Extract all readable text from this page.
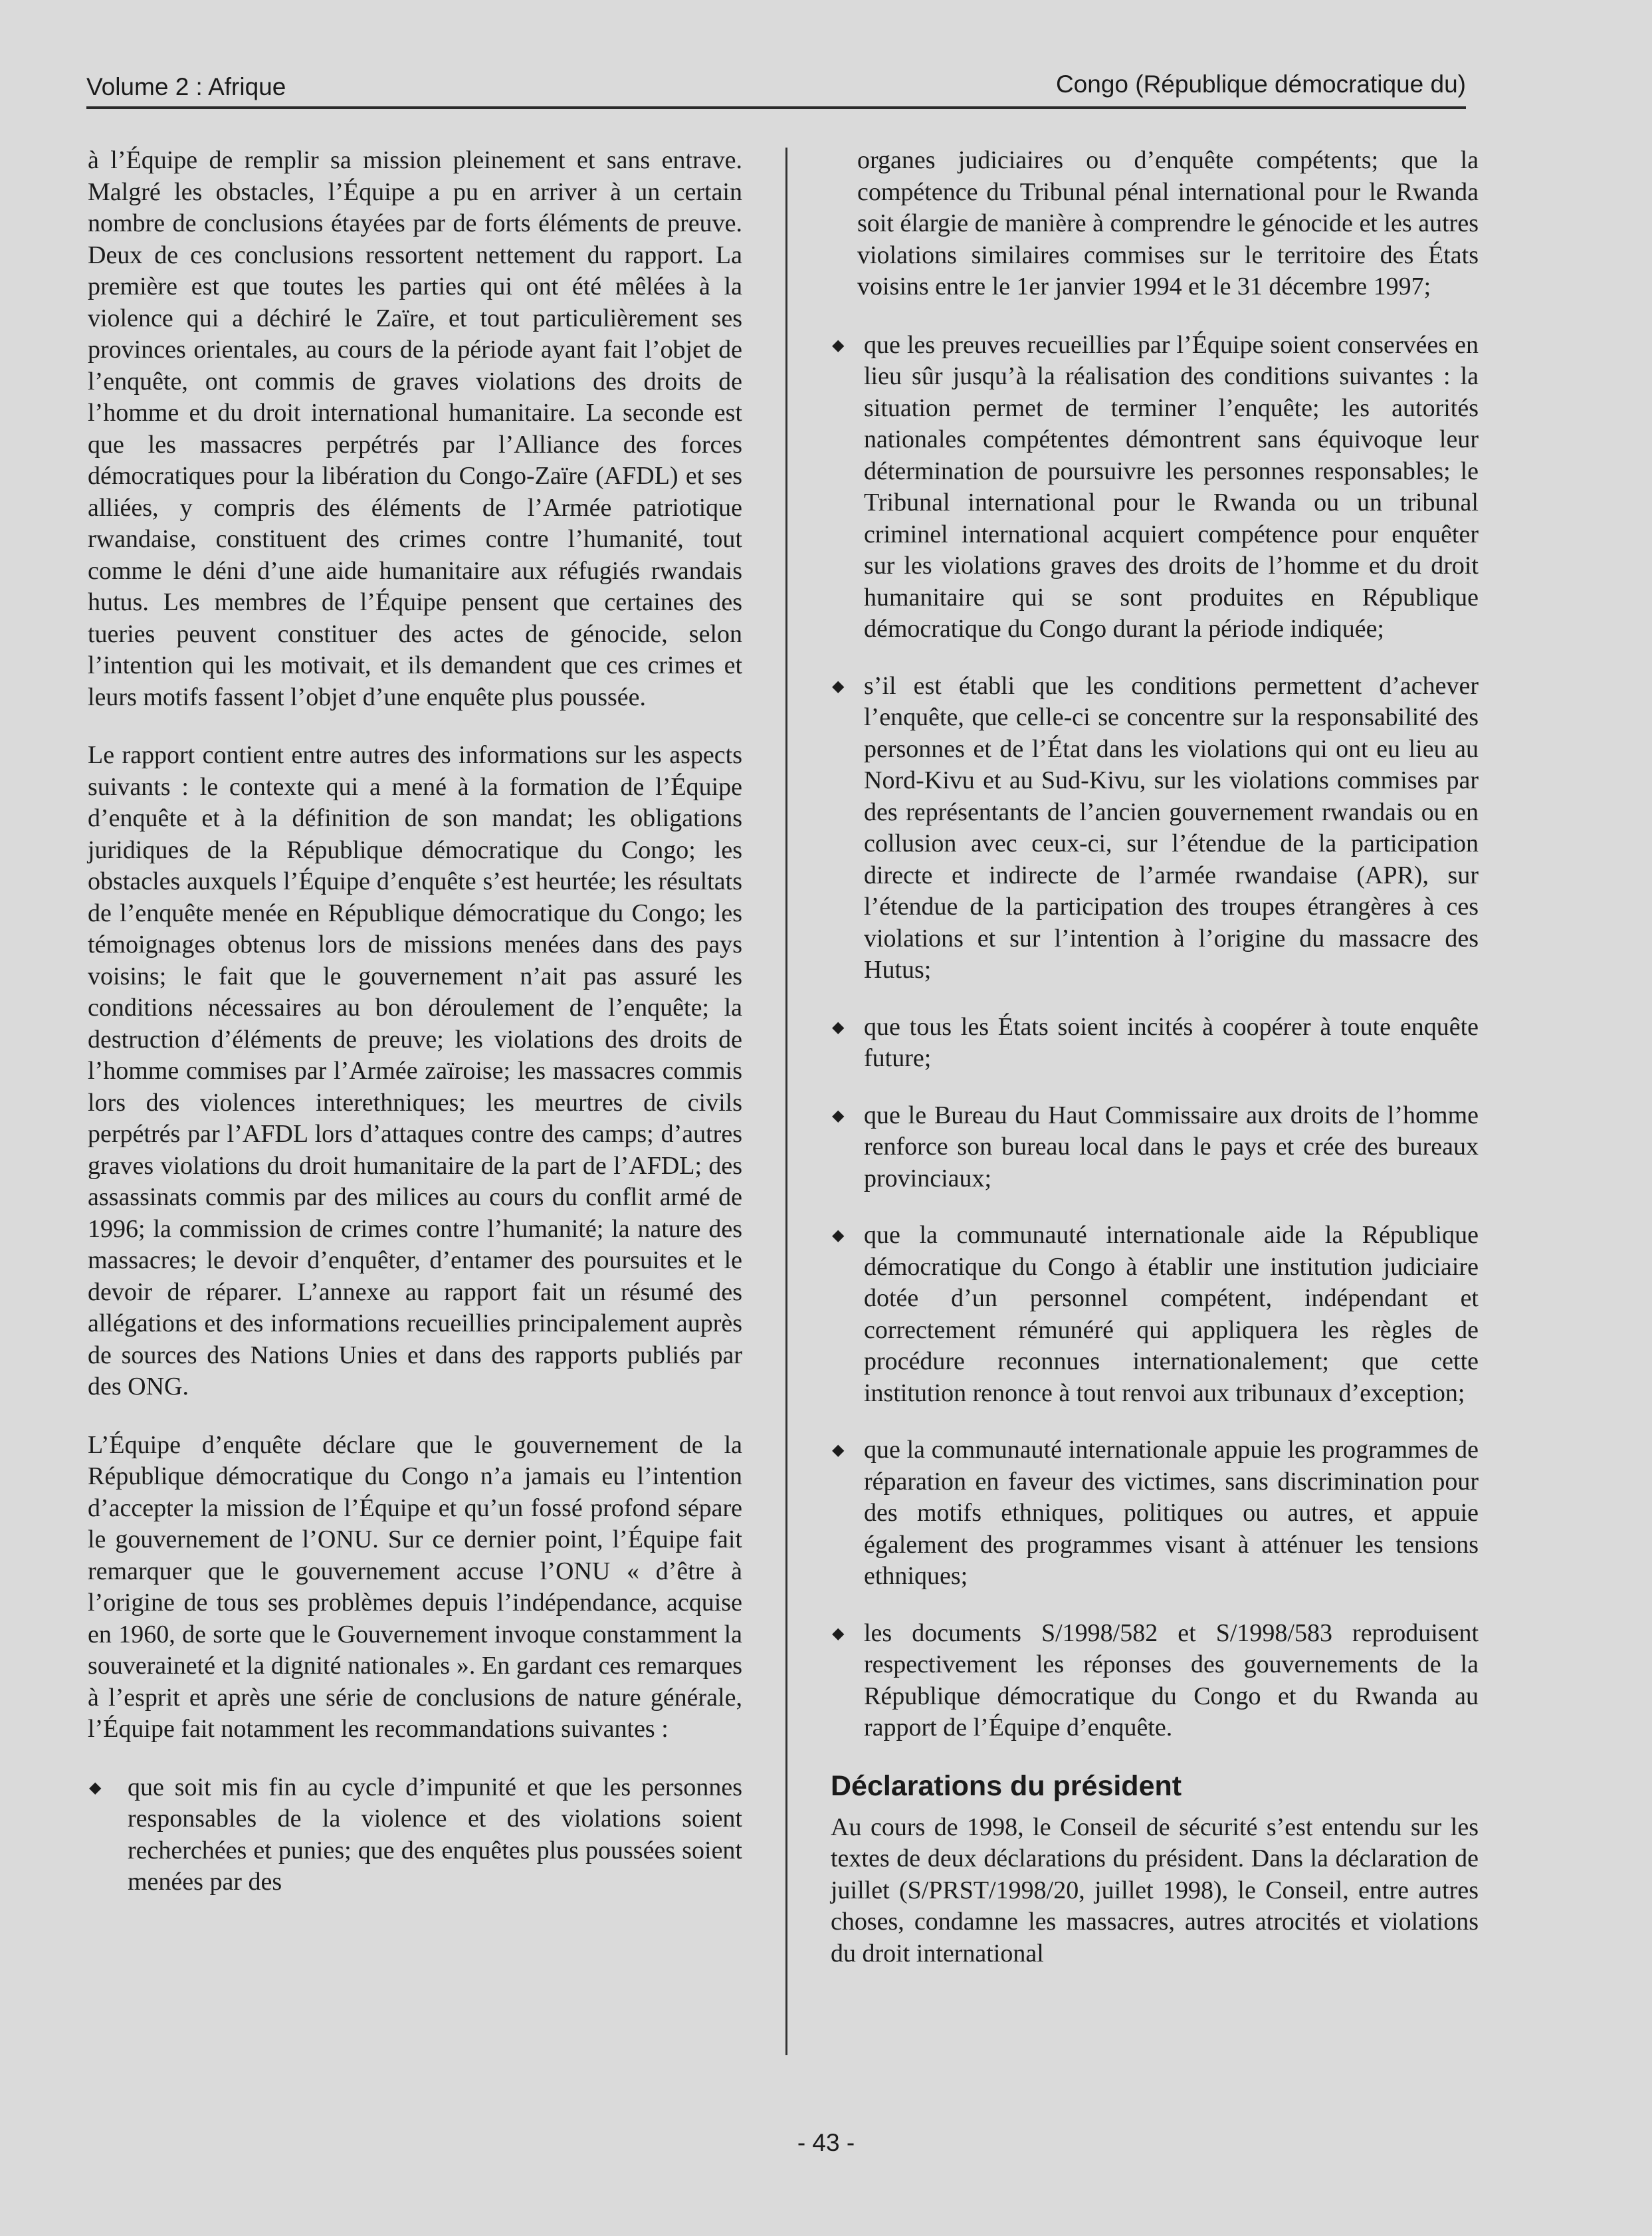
Volume 2 : Afrique	Congo (République démocratique du)

à l’Équipe de remplir sa mission pleinement et sans entrave. Malgré les obstacles, l’Équipe a pu en arriver à un certain nombre de conclusions étayées par de forts éléments de preuve. Deux de ces conclusions ressortent nettement du rapport. La première est que toutes les parties qui ont été mêlées à la violence qui a déchiré le Zaïre, et tout particulièrement ses provinces orientales, au cours de la période ayant fait l’objet de l’enquête, ont commis de graves violations des droits de l’homme et du droit international humanitaire. La seconde est que les massacres perpétrés par l’Alliance des forces démocratiques pour la libération du Congo-Zaïre (AFDL) et ses alliées, y compris des éléments de l’Armée patriotique rwandaise, constituent des crimes contre l’humanité, tout comme le déni d’une aide humanitaire aux réfugiés rwandais hutus. Les membres de l’Équipe pensent que certaines des tueries peuvent constituer des actes de génocide, selon l’intention qui les motivait, et ils demandent que ces crimes et leurs motifs fassent l’objet d’une enquête plus poussée.

Le rapport contient entre autres des informations sur les aspects suivants : le contexte qui a mené à la formation de l’Équipe d’enquête et à la définition de son mandat; les obligations juridiques de la République démocratique du Congo; les obstacles auxquels l’Équipe d’enquête s’est heurtée; les résultats de l’enquête menée en République démocratique du Congo; les témoignages obtenus lors de missions menées dans des pays voisins; le fait que le gouvernement n’ait pas assuré les conditions nécessaires au bon déroulement de l’enquête; la destruction d’éléments de preuve; les violations des droits de l’homme commises par l’Armée zaïroise; les massacres commis lors des violences interethniques; les meurtres de civils perpétrés par l’AFDL lors d’attaques contre des camps; d’autres graves violations du droit humanitaire de la part de l’AFDL; des assassinats commis par des milices au cours du conflit armé de 1996; la commission de crimes contre l’humanité; la nature des massacres; le devoir d’enquêter, d’entamer des poursuites et le devoir de réparer. L’annexe au rapport fait un résumé des allégations et des informations recueillies principalement auprès de sources des Nations Unies et dans des rapports publiés par des ONG.

L’Équipe d’enquête déclare que le gouvernement de la République démocratique du Congo n’a jamais eu l’intention d’accepter la mission de l’Équipe et qu’un fossé profond sépare le gouvernement de l’ONU. Sur ce dernier point, l’Équipe fait remarquer que le gouvernement accuse l’ONU « d’être à l’origine de tous ses problèmes depuis l’indépendance, acquise en 1960, de sorte que le Gouvernement invoque constamment la souveraineté et la dignité nationales ». En gardant ces remarques à l’esprit et après une série de conclusions de nature générale, l’Équipe fait notamment les recommandations suivantes :

◆ que soit mis fin au cycle d’impunité et que les personnes responsables de la violence et des violations soient recherchées et punies; que des enquêtes plus poussées soient menées par des

organes judiciaires ou d’enquête compétents; que la compétence du Tribunal pénal international pour le Rwanda soit élargie de manière à comprendre le génocide et les autres violations similaires commises sur le territoire des États voisins entre le 1er janvier 1994 et le 31 décembre 1997;

◆ que les preuves recueillies par l’Équipe soient conservées en lieu sûr jusqu’à la réalisation des conditions suivantes : la situation permet de terminer l’enquête; les autorités nationales compétentes démontrent sans équivoque leur détermination de poursuivre les personnes responsables; le Tribunal international pour le Rwanda ou un tribunal criminel international acquiert compétence pour enquêter sur les violations graves des droits de l’homme et du droit humanitaire qui se sont produites en République démocratique du Congo durant la période indiquée;
◆ s’il est établi que les conditions permettent d’achever l’enquête, que celle-ci se concentre sur la responsabilité des personnes et de l’État dans les violations qui ont eu lieu au Nord-Kivu et au Sud-Kivu, sur les violations commises par des représentants de l’ancien gouvernement rwandais ou en collusion avec ceux-ci, sur l’étendue de la participation directe et indirecte de l’armée rwandaise (APR), sur l’étendue de la participation des troupes étrangères à ces violations et sur l’intention à l’origine du massacre des Hutus;
◆ que tous les États soient incités à coopérer à toute enquête future;
◆ que le Bureau du Haut Commissaire aux droits de l’homme renforce son bureau local dans le pays et crée des bureaux provinciaux;
◆ que la communauté internationale aide la République démocratique du Congo à établir une institution judiciaire dotée d’un personnel compétent, indépendant et correctement rémunéré qui appliquera les règles de procédure reconnues internationalement; que cette institution renonce à tout renvoi aux tribunaux d’exception;
◆ que la communauté internationale appuie les programmes de réparation en faveur des victimes, sans discrimination pour des motifs ethniques, politiques ou autres, et appuie également des programmes visant à atténuer les tensions ethniques;
◆ les documents S/1998/582 et S/1998/583 reproduisent respectivement les réponses des gouvernements de la République démocratique du Congo et du Rwanda au rapport de l’Équipe d’enquête.
Déclarations du président

Au cours de 1998, le Conseil de sécurité s’est entendu sur les textes de deux déclarations du président. Dans la déclaration de juillet (S/PRST/1998/20, juillet 1998), le Conseil, entre autres choses, condamne les massacres, autres atrocités et violations du droit international

- 43 -
